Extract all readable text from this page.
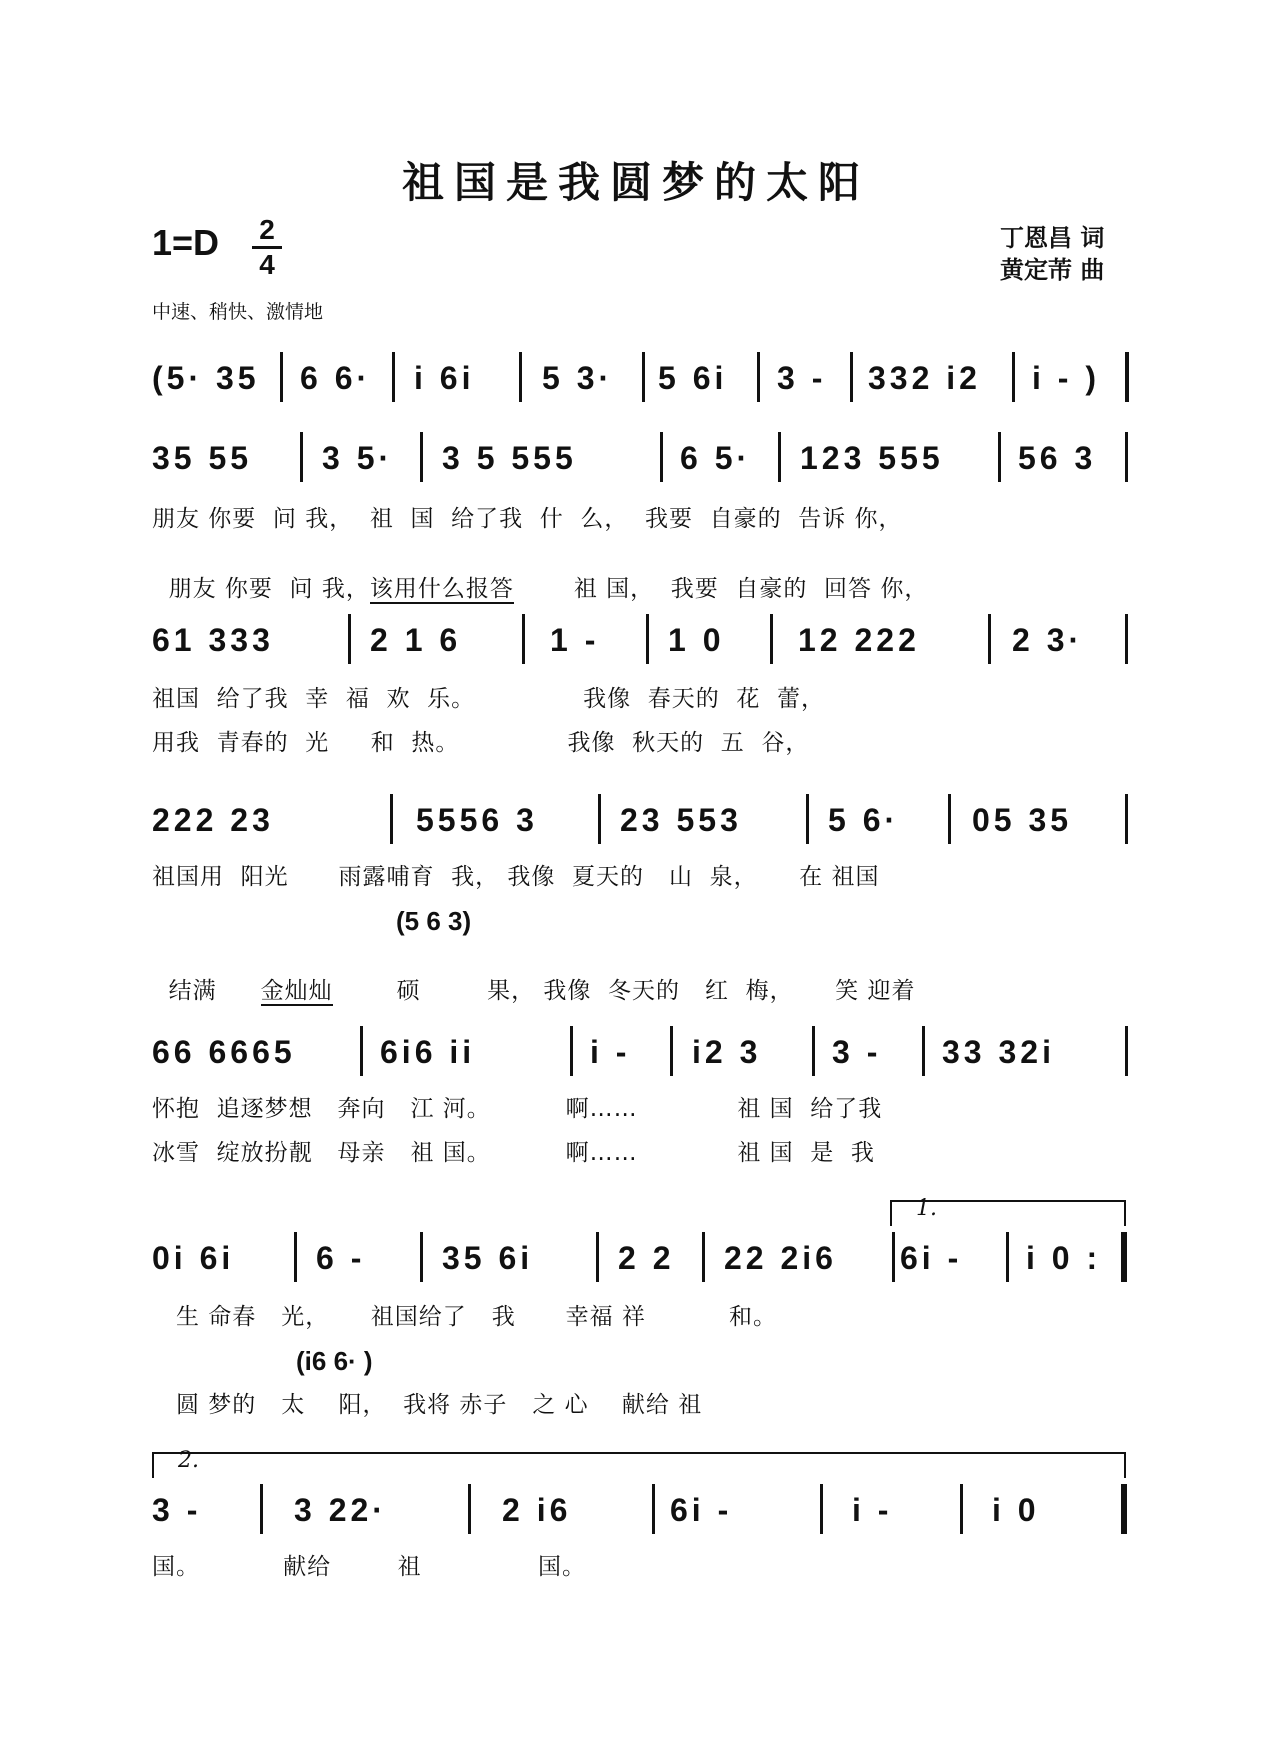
祖国是我圆梦的太阳
1=D 2
4
丁恩昌 词
黄定芾 曲
中速、稍快、激情地
(5· 35 6 6· i 6i 5 3· 5 6i 3 - 332 i2 i - )
35 55 3 5· 3 5 555	6 5· 123 555 56 3
朋友 你要  问 我，  祖  国  给了我  什  么，  我要  自豪的  告诉 你，

朋友 你要  问 我，该用什么报答	祖 国，  我要  自豪的  回答 你，

61 333	2 1 6	1 - 1 0 12 222	2 3·
祖国  给了我  幸  福  欢  乐。             我像  春天的  花  蕾，
用我  青春的  光     和  热。             我像  秋天的  五  谷，
222 23	5556 3	23 553	5 6· 05 35
祖国用  阳光      雨露哺育  我， 我像  夏天的   山  泉，     在 祖国
(5 6 3)

结满 金灿灿	硕        果， 我像  冬天的   红  梅，     笑 迎着

66 6665	6i6 ii	i - i2 3 3 - 33 32i
怀抱  追逐梦想   奔向   江 河。         啊……            祖 国  给了我
冰雪  绽放扮靓   母亲   祖 国。         啊……            祖 国  是  我
1.
0i 6i	6 - 35 6i	2 2 22 2i6 6i - i 0 :
生 命春   光，     祖国给了   我      幸福 祥          和。
(i6 6· )
圆 梦的   太    阳，  我将 赤子   之 心    献给 祖
2.
3 -	3 22·	2 i6	6i -	i -	i 0
国。          献给        祖              国。
